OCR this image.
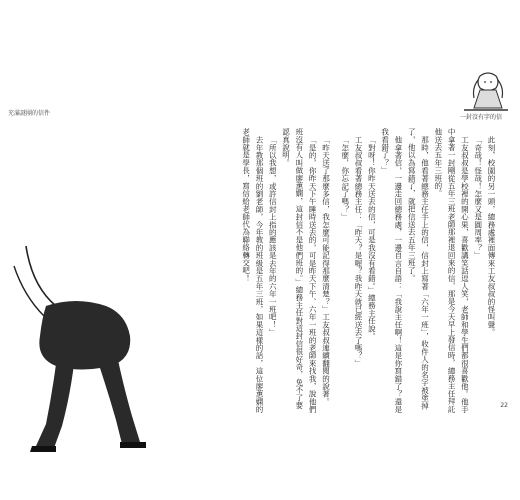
充滿謎團的信件
一封沒有字的信
22

此刻，校園的另一頭，總務處裡面傳來工友叔叔的怪叫聲。

「奇哉！怪哉！怎麼又是圓周率？」

工友叔叔是學校裡的開心果，喜歡講笑話逗人笑，老師和學生們都很喜歡他。他手中拿著一封剛從五年三班老師那裡退回來的信，那是今天早上發信時，總務主任拜託他送去五年三班的。

那時，他看著總務主任手上的信，信封上寫著「六年一班」，收件人的名字被塗掉了，他以為寫錯了，就把信送去五年三班了。

他拿著信，一邊走回總務處，一邊自言自語：「我說主任啊！這是你寫錯了？還是我看錯了？」

「對呀！你昨天送去的信，可是我沒有看錯。」總務主任說。

工友叔叔看著總務主任：「昨天？是喔？我昨天就已經送去了嗎？」

「怎麼，你忘記了嗎？」

「昨天送了那麼多信，我怎麼可能記得那麼清楚？」工友叔叔連續翻閱的說著。

「是的，你昨天下午睡時送去的，可是昨天下午、六年一班的老師來找我，說他們班沒有人叫做廖蕙嫻，這封信不是他們班的。」總務主任對這封信很好奇，免不了要認真說明。

「所以我想，或許信封上指的應該是去年的六年一班吧！」

去年教那個班的劉老師，今年教的班級是五年三班，如果這樣的話，這位廖蕙嫻的老師就是學長，寫信給老師代為聯絡轉交吧！
